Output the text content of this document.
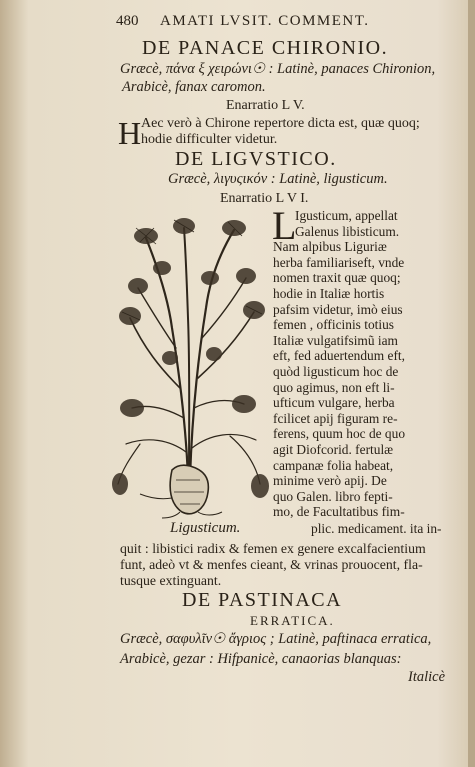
480 AMATI LVSIT. COMMENT.
DE PANACE CHIRONIO.
Græcè, πάνα ξ χειρώνι☉ : Latinè, panaces Chironion,
Arabicè, fanax caromon.
Enarratio L V.
H Aec verò à Chirone repertore dicta est, quæ quoq;
hodie difficulter videtur.
DE LIGVSTICO.
Græcè, λιγυςικόν : Latinè, ligusticum.
Enarratio L V I.
L
Igusticum, appellat
Galenus libisticum.
Nam alpibus Liguriæ
herba familiariseft, vnde
nomen traxit quæ quoq;
hodie in Italiæ hortis
pafsim videtur, imò eius
femen , officinis totius
Italiæ vulgatifsimũ iam
eft, fed aduertendum eft,
quòd ligusticum hoc de
quo agimus, non eft li-
ufticum vulgare, herba
fcilicet apij figuram re-
ferens, quum hoc de quo
agit Diofcorid. fertulæ
campanæ folia habeat,
minime verò apij. De
quo Galen. libro fepti-
mo, de Facultatibus fim-
Ligusticum.	plic. medicament. ita in-
quit : libistici radix & femen ex genere excalfacientium
funt, adeò vt & menfes cieant, & vrinas prouocent, fla-
tusque extinguant.
DE PASTINACA
ERRATICA.
Græcè, σαφυλῖν☉ ἄγριος ; Latinè, paftinaca erratica,
Arabicè, gezar : Hifpanicè, canaorias blanquas:
Italicè
